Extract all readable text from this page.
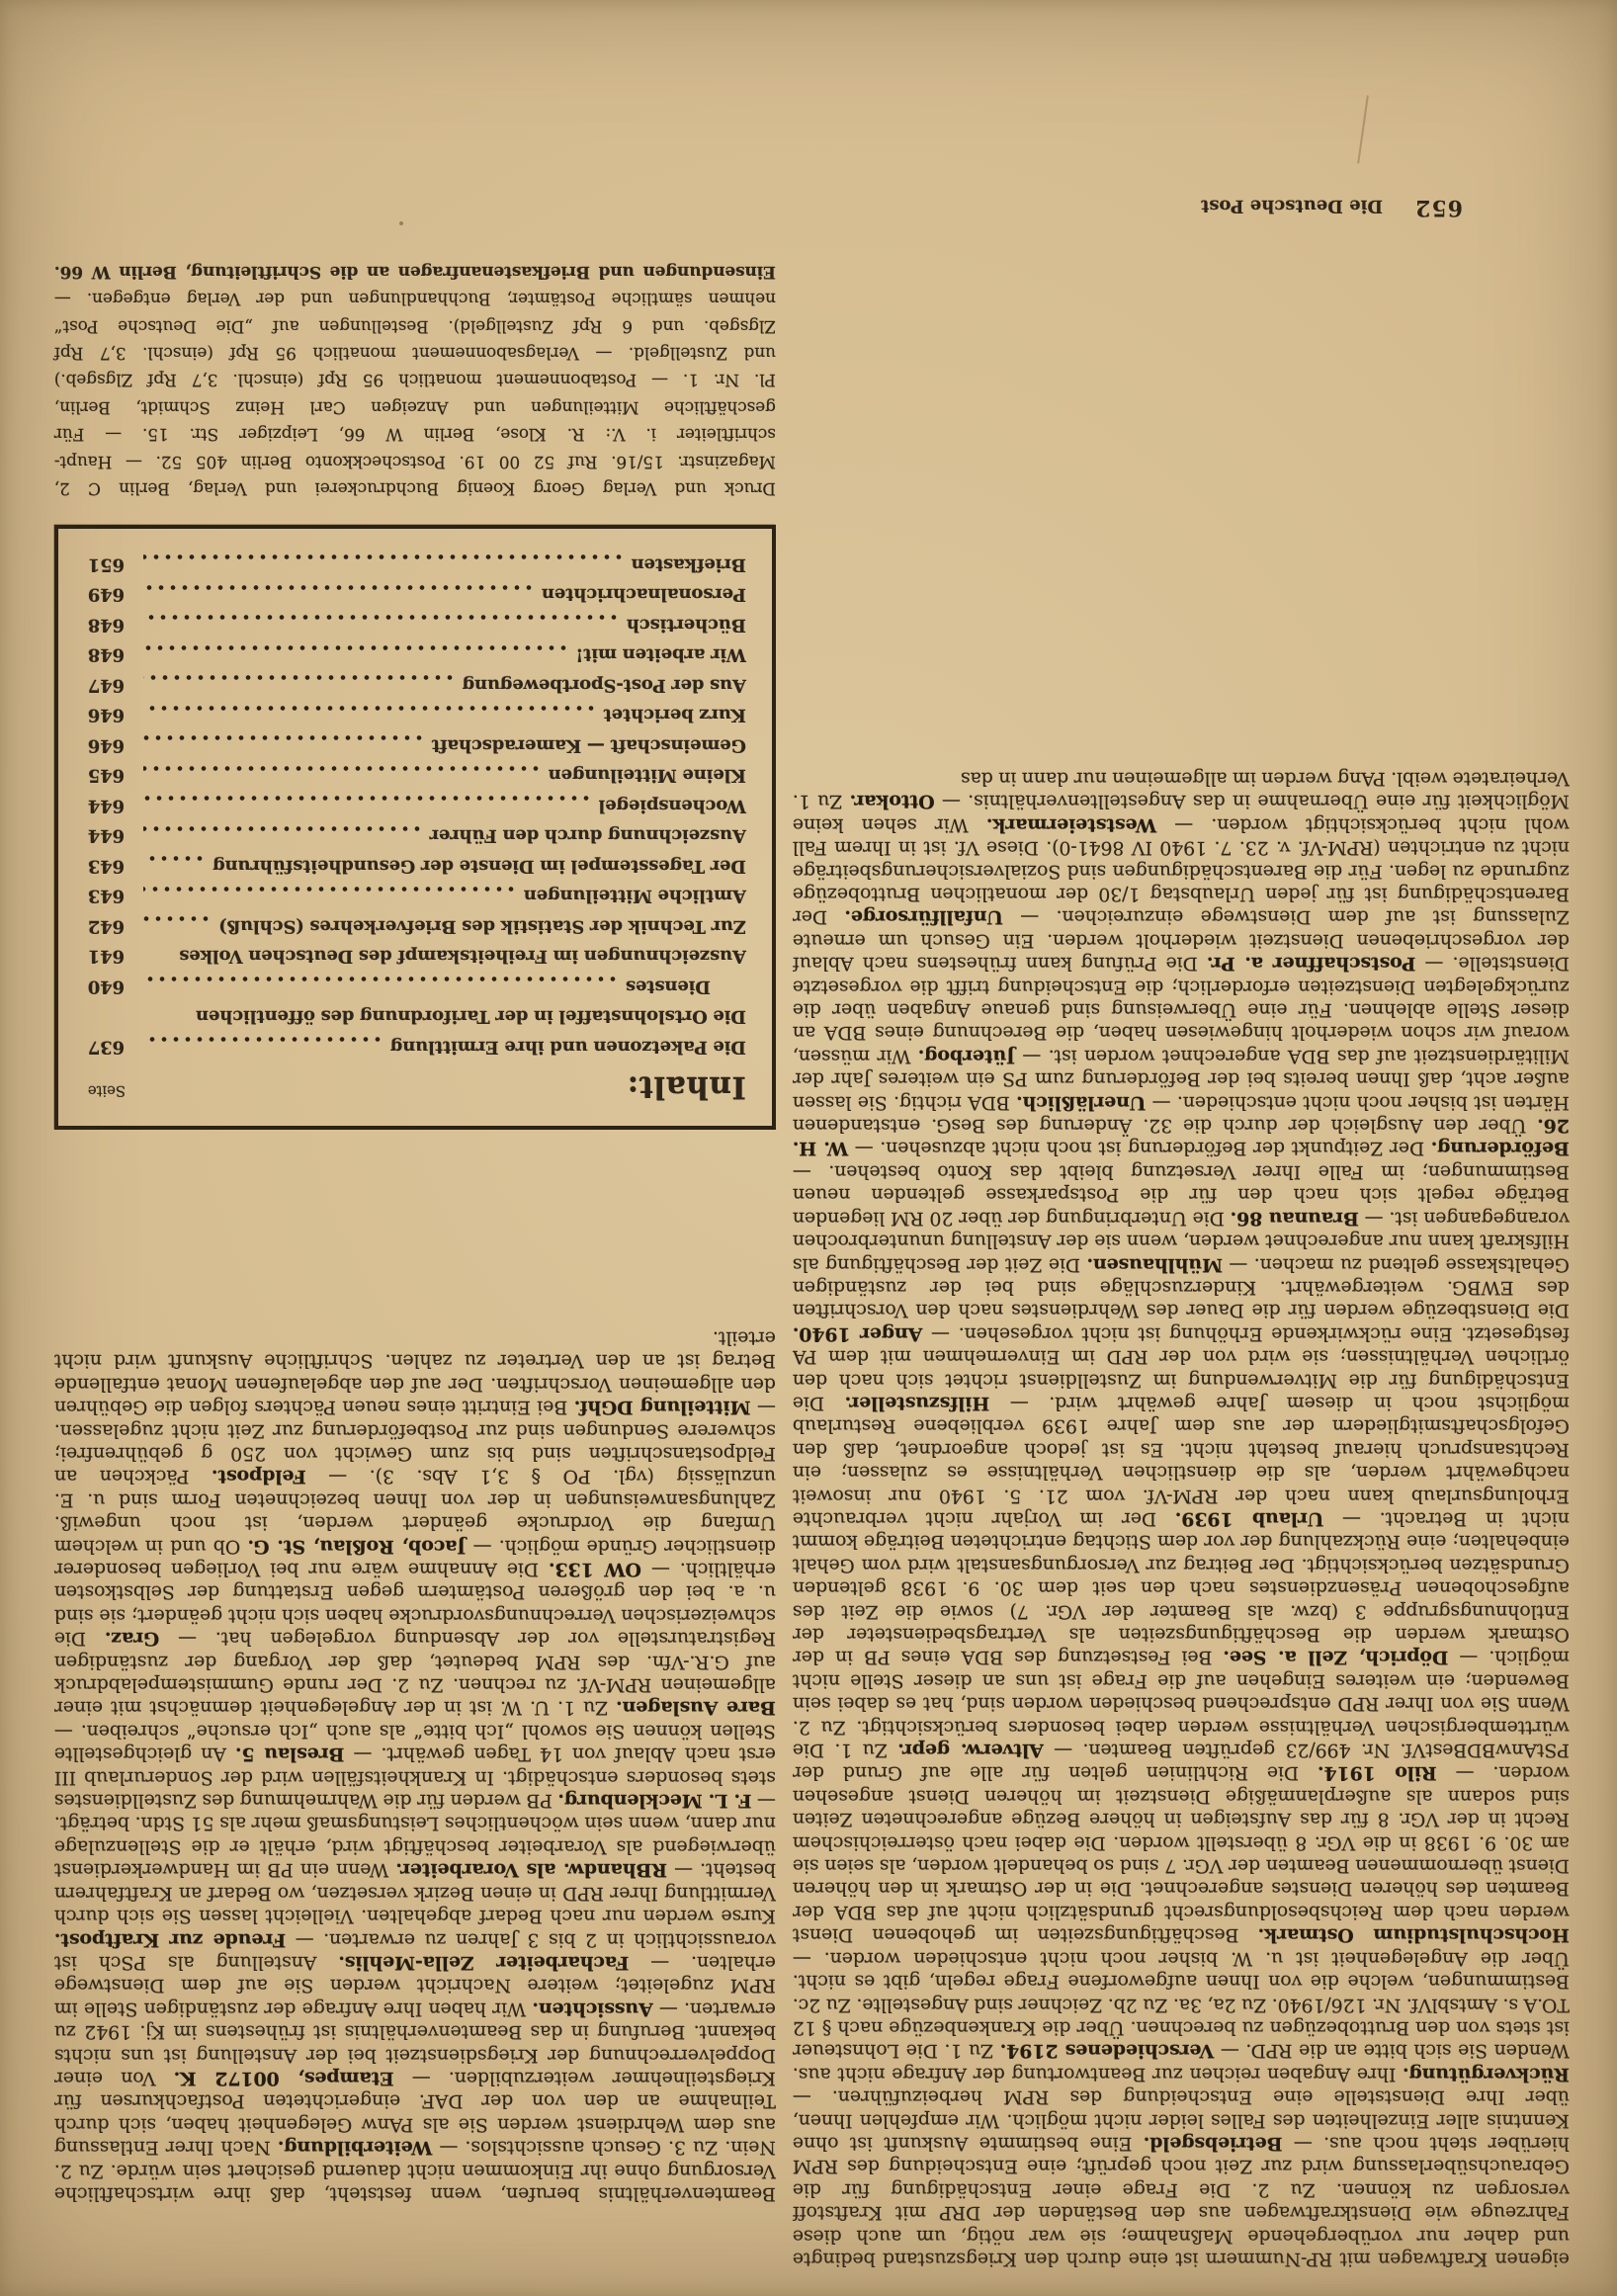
eigenen Kraftwagen mit RP-Nummern ist eine durch den Kriegszustand bedingte und daher nur vorübergehende Maßnahme; sie war nötig, um auch diese Fahrzeuge wie Dienstkraftwagen aus den Beständen der DRP mit Kraftstoff versorgen zu können. Zu 2. Die Frage einer Entschädigung für die Gebrauchsüberlassung wird zur Zeit noch geprüft; eine Entscheidung des RPM hierüber steht noch aus. — Betriebsgeld. Eine bestimmte Auskunft ist ohne Kenntnis aller Einzelheiten des Falles leider nicht möglich. Wir empfehlen Ihnen, über Ihre Dienststelle eine Entscheidung des RPM herbeizuführen. — Rückvergütung. Ihre Angaben reichen zur Beantwortung der Anfrage nicht aus. Wenden Sie sich bitte an die RPD. — Verschiedenes 2194. Zu 1. Die Lohnsteuer ist stets von den Bruttobezügen zu berechnen. Über die Krankenbezüge nach § 12 TO.A s. AmtsblVf. Nr. 126/1940. Zu 2a, 3a. Zu 2b. Zeichner sind Angestellte. Zu 2c. Bestimmungen, welche die von Ihnen aufgeworfene Frage regeln, gibt es nicht. Über die Angelegenheit ist u. W. bisher noch nicht entschieden worden. — Hochschulstudium Ostmark. Beschäftigungszeiten im gehobenen Dienst werden nach dem Reichsbesoldungsrecht grundsätzlich nicht auf das BDA der Beamten des höheren Dienstes angerechnet. Die in der Ostmark in den höheren Dienst übernommenen Beamten der VGr. 7 sind so behandelt worden, als seien sie am 30. 9. 1938 in die VGr. 8 überstellt worden. Die dabei nach österreichischem Recht in der VGr. 8 für das Aufsteigen in höhere Bezüge angerechneten Zeiten sind sodann als außerplanmäßige Dienstzeit im höheren Dienst angesehen worden. — Rilo 1914. Die Richtlinien gelten für alle auf Grund der PStAnwBDBestVf. Nr. 499/23 geprüften Beamten. — Altverw. gepr. Zu 1. Die württembergischen Verhältnisse werden dabei besonders berücksichtigt. Zu 2. Wenn Sie von Ihrer RPD entsprechend beschieden worden sind, hat es dabei sein Bewenden; ein weiteres Eingehen auf die Frage ist uns an dieser Stelle nicht möglich. — Döprich, Zell a. See. Bei Festsetzung des BDA eines PB in der Ostmark werden die Beschäftigungszeiten als Vertragsbediensteter der Entlohnungsgruppe 3 (bzw. als Beamter der VGr. 7) sowie die Zeit des aufgeschobenen Präsenzdienstes nach den seit dem 30. 9. 1938 geltenden Grundsätzen berücksichtigt. Der Beitrag zur Versorgungsanstalt wird vom Gehalt einbehalten; eine Rückzahlung der vor dem Stichtag entrichteten Beiträge kommt nicht in Betracht. — Urlaub 1939. Der im Vorjahr nicht verbrauchte Erholungsurlaub kann nach der RPM-Vf. vom 21. 5. 1940 nur insoweit nachgewährt werden, als die dienstlichen Verhältnisse es zulassen; ein Rechtsanspruch hierauf besteht nicht. Es ist jedoch angeordnet, daß den Gefolgschaftsmitgliedern der aus dem Jahre 1939 verbliebene Resturlaub möglichst noch in diesem Jahre gewährt wird. — Hilfszusteller. Die Entschädigung für die Mitverwendung im Zustelldienst richtet sich nach den örtlichen Verhältnissen; sie wird von der RPD im Einvernehmen mit dem PA festgesetzt. Eine rückwirkende Erhöhung ist nicht vorgesehen. — Anger 1940. Die Dienstbezüge werden für die Dauer des Wehrdienstes nach den Vorschriften des EWBG. weitergewährt. Kinderzuschläge sind bei der zuständigen Gehaltskasse geltend zu machen. — Mühlhausen. Die Zeit der Beschäftigung als Hilfskraft kann nur angerechnet werden, wenn sie der Anstellung ununterbrochen vorangegangen ist. — Braunau 86. Die Unterbringung der über 20 RM liegenden Beträge regelt sich nach den für die Postsparkasse geltenden neuen Bestimmungen; im Falle Ihrer Versetzung bleibt das Konto bestehen. — Beförderung. Der Zeitpunkt der Beförderung ist noch nicht abzusehen. — W. H. 26. Über den Ausgleich der durch die 32. Änderung des BesG. entstandenen Härten ist bisher noch nicht entschieden. — Unerläßlich. BDA richtig. Sie lassen außer acht, daß Ihnen bereits bei der Beförderung zum PS ein weiteres Jahr der Militärdienstzeit auf das BDA angerechnet worden ist. — Jüterbog. Wir müssen, worauf wir schon wiederholt hingewiesen haben, die Berechnung eines BDA an dieser Stelle ablehnen. Für eine Überweisung sind genaue Angaben über die zurückgelegten Dienstzeiten erforderlich; die Entscheidung trifft die vorgesetzte Dienststelle. — Postschaffner a. Pr. Die Prüfung kann frühestens nach Ablauf der vorgeschriebenen Dienstzeit wiederholt werden. Ein Gesuch um erneute Zulassung ist auf dem Dienstwege einzureichen. — Unfallfürsorge. Der Barentschädigung ist für jeden Urlaubstag 1/30 der monatlichen Bruttobezüge zugrunde zu legen. Für die Barentschädigungen sind Sozialversicherungsbeiträge nicht zu entrichten (RPM-Vf. v. 23. 7. 1940 IV 8641-0). Diese Vf. ist in Ihrem Fall wohl nicht berücksichtigt worden. — Weststeiermark. Wir sehen keine Möglichkeit für eine Übernahme in das Angestelltenverhältnis. — Ottokar. Zu 1. Verheiratete weibl. PAng werden im allgemeinen nur dann in das
Beamtenverhältnis berufen, wenn feststeht, daß ihre wirtschaftliche Versorgung ohne ihr Einkommen nicht dauernd gesichert sein würde. Zu 2. Nein. Zu 3. Gesuch aussichtslos. — Weiterbildung. Nach Ihrer Entlassung aus dem Wehrdienst werden Sie als PAnw Gelegenheit haben, sich durch Teilnahme an den von der DAF. eingerichteten Postfachkursen für Kriegsteilnehmer weiterzubilden. — Etampes, 00172 K. Von einer Doppelverrechnung der Kriegsdienstzeit bei der Anstellung ist uns nichts bekannt. Berufung in das Beamtenverhältnis ist frühestens im Kj. 1942 zu erwarten. — Aussichten. Wir haben Ihre Anfrage der zuständigen Stelle im RPM zugeleitet; weitere Nachricht werden Sie auf dem Dienstwege erhalten. — Facharbeiter Zella-Mehlis. Anstellung als PSch ist voraussichtlich in 2 bis 3 Jahren zu erwarten. — Freude zur Kraftpost. Kurse werden nur nach Bedarf abgehalten. Vielleicht lassen Sie sich durch Vermittlung Ihrer RPD in einen Bezirk versetzen, wo Bedarf an Kraftfahrern besteht. — RBhandw. als Vorarbeiter. Wenn ein PB im Handwerkerdienst überwiegend als Vorarbeiter beschäftigt wird, erhält er die Stellenzulage nur dann, wenn sein wöchentliches Leistungsmaß mehr als 51 Stdn. beträgt. — F. L. Mecklenburg. PB werden für die Wahrnehmung des Zustelldienstes stets besonders entschädigt. In Krankheitsfällen wird der Sonderurlaub III erst nach Ablauf von 14 Tagen gewährt. — Breslau 5. An gleichgestellte Stellen können Sie sowohl „Ich bitte“ als auch „Ich ersuche“ schreiben. — Bare Auslagen. Zu 1. U. W. ist in der Angelegenheit demnächst mit einer allgemeinen RPM-Vf. zu rechnen. Zu 2. Der runde Gummistempelabdruck auf G.R.-Vfn. des RPM bedeutet, daß der Vorgang der zuständigen Registraturstelle vor der Absendung vorgelegen hat. — Graz. Die schweizerischen Verrechnungsvordrucke haben sich nicht geändert; sie sind u. a. bei den größeren Postämtern gegen Erstattung der Selbstkosten erhältlich. — OW 133. Die Annahme wäre nur bei Vorliegen besonderer dienstlicher Gründe möglich. — Jacob, Roßlau, St. G. Ob und in welchem Umfang die Vordrucke geändert werden, ist noch ungewiß. Zahlungsanweisungen in der von Ihnen bezeichneten Form sind u. E. unzulässig (vgl. PO § 3,1 Abs. 3). — Feldpost. Päckchen an Feldpostanschriften sind bis zum Gewicht von 250 g gebührenfrei; schwerere Sendungen sind zur Postbeförderung zur Zeit nicht zugelassen. — Mitteilung DGhf. Bei Eintritt eines neuen Pächters folgen die Gebühren den allgemeinen Vorschriften. Der auf den abgelaufenen Monat entfallende Betrag ist an den Vertreter zu zahlen. Schriftliche Auskunft wird nicht erteilt.
Inhalt:
Seite
Die Paketzonen und ihre Ermittlung
637
Die Ortslohnstaffel in der Tarifordnung des öffentlichen
Dienstes
640
Auszeichnungen im Freiheitskampf des Deutschen Volkes
641
Zur Technik der Statistik des Briefverkehres (Schluß)
642
Amtliche Mitteilungen
643
Der Tagesstempel im Dienste der Gesundheitsführung
643
Auszeichnung durch den Führer
644
Wochenspiegel
644
Kleine Mitteilungen
645
Gemeinschaft — Kameradschaft
646
Kurz berichtet
646
Aus der Post-Sportbewegung
647
Wir arbeiten mit!
648
Büchertisch
648
Personalnachrichten
649
Briefkasten
651
Druck und Verlag Georg Koenig Buchdruckerei und Verlag, Berlin C 2,
Magazinstr. 15/16. Ruf 52 00 19. Postscheckkonto Berlin 405 52. — Haupt-
schriftleiter i. V.: R. Klose, Berlin W 66, Leipziger Str. 15. — Für
geschäftliche Mitteilungen und Anzeigen Carl Heinz Schmidt, Berlin,
Pl. Nr. 1. — Postabonnement monatlich 95 Rpf (einschl. 3,7 Rpf Zlgsgeb.)
und Zustellgeld. — Verlagsabonnement monatlich 95 Rpf (einschl. 3,7 Rpf
Zlgsgeb. und 6 Rpf Zustellgeld). Bestellungen auf „Die Deutsche Post“
nehmen sämtliche Postämter, Buchhandlungen und der Verlag entgegen. —
Einsendungen und Briefkastenanfragen an die Schriftleitung, Berlin W 66.
652
Die Deutsche Post
